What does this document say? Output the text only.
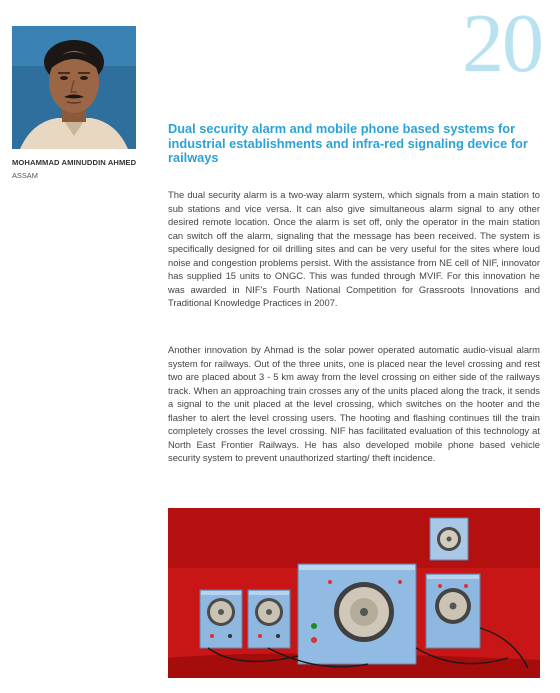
20
MOHAMMAD AMINUDDIN AHMED
ASSAM
Dual security alarm and mobile phone based systems for industrial establishments and infra-red signaling device for railways

The dual security alarm is a two-way alarm system, which signals from a main station to sub stations and vice versa. It can also give simultaneous alarm signal to any other desired remote location. Once the alarm is set off, only the operator in the main station can switch off the alarm, signaling that the message has been received. The system is specifically designed for oil drilling sites and can be very useful for the sites where loud noise and congestion problems persist. With the assistance from NE cell of NIF, innovator has supplied 15 units to ONGC. This was funded through MVIF. For this innovation he was awarded in NIF's Fourth National Competition for Grassroots Innovations and Traditional Knowledge Practices in 2007.

Another innovation by Ahmad is the solar power operated automatic audio-visual alarm system for railways. Out of the three units, one is placed near the level crossing and rest two are placed about 3 - 5 km away from the level crossing on either side of the railways track. When an approaching train crosses any of the units placed along the track, it sends a signal to the unit placed at the level crossing, which switches on the hooter and the flasher to alert the level crossing users. The hooting and flashing continues till the train completely crosses the level crossing. NIF has facilitated evaluation of this technology at North East Frontier Railways. He has also developed mobile phone based vehicle security system to prevent unauthorized starting/ theft incidence.
